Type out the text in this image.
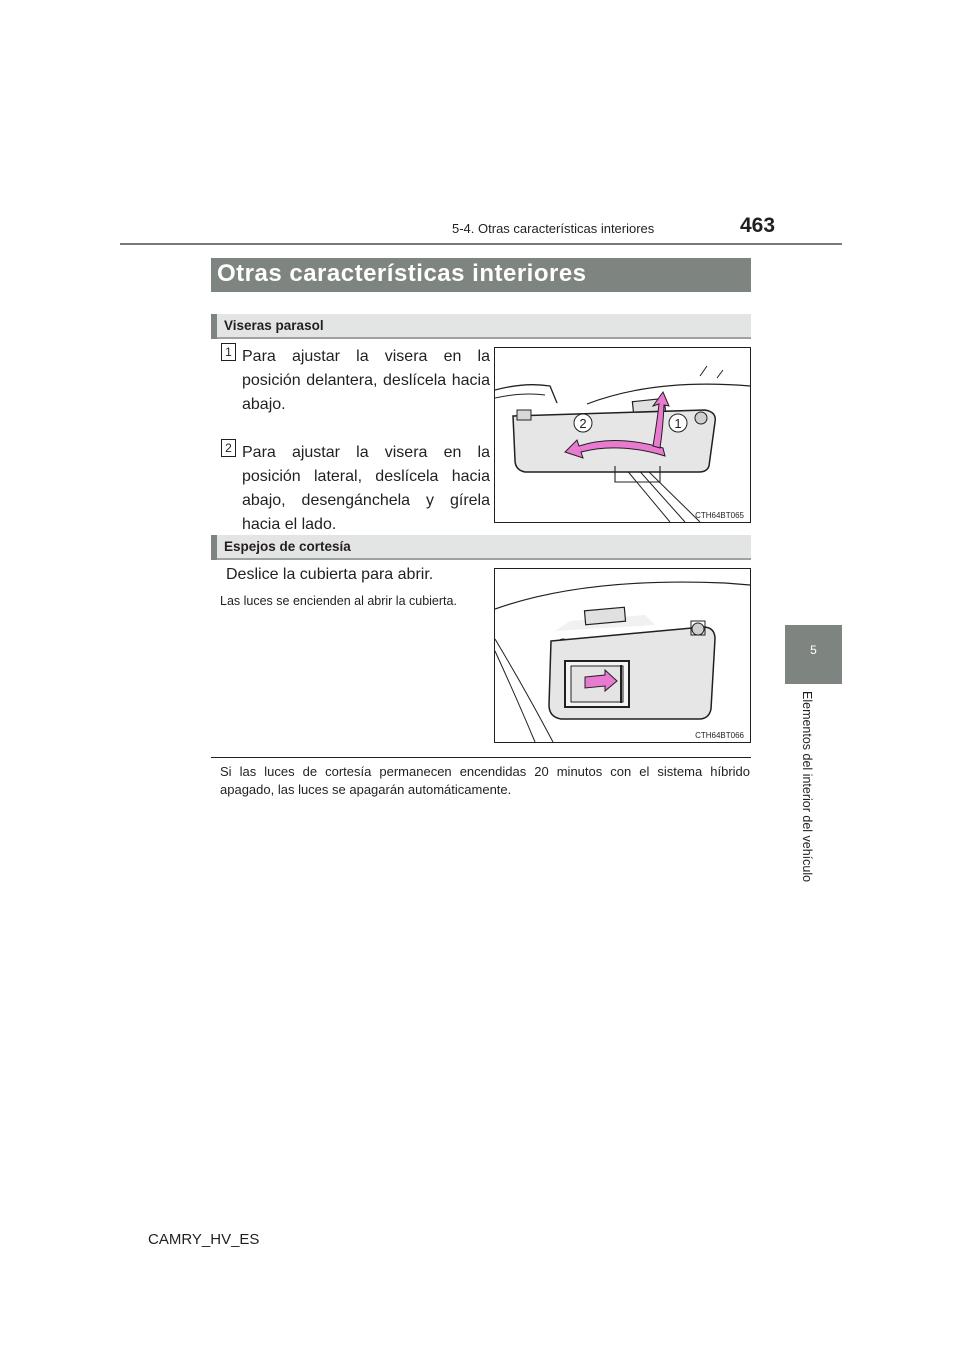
5-4. Otras características interiores	463
5
Elementos del interior del vehículo
Otras características interiores
Viseras parasol
1 Para ajustar la visera en la posición delantera, deslícela hacia abajo.
2 Para ajustar la visera en la posición lateral, deslícela hacia abajo, desengánchela y gírela hacia el lado.
2	1
CTH64BT065
Espejos de cortesía
Deslice la cubierta para abrir.
Las luces se encienden al abrir la cubierta.
CTH64BT066
Si las luces de cortesía permanecen encendidas 20 minutos con el sistema híbrido apagado, las luces se apagarán automáticamente.
CAMRY_HV_ES
